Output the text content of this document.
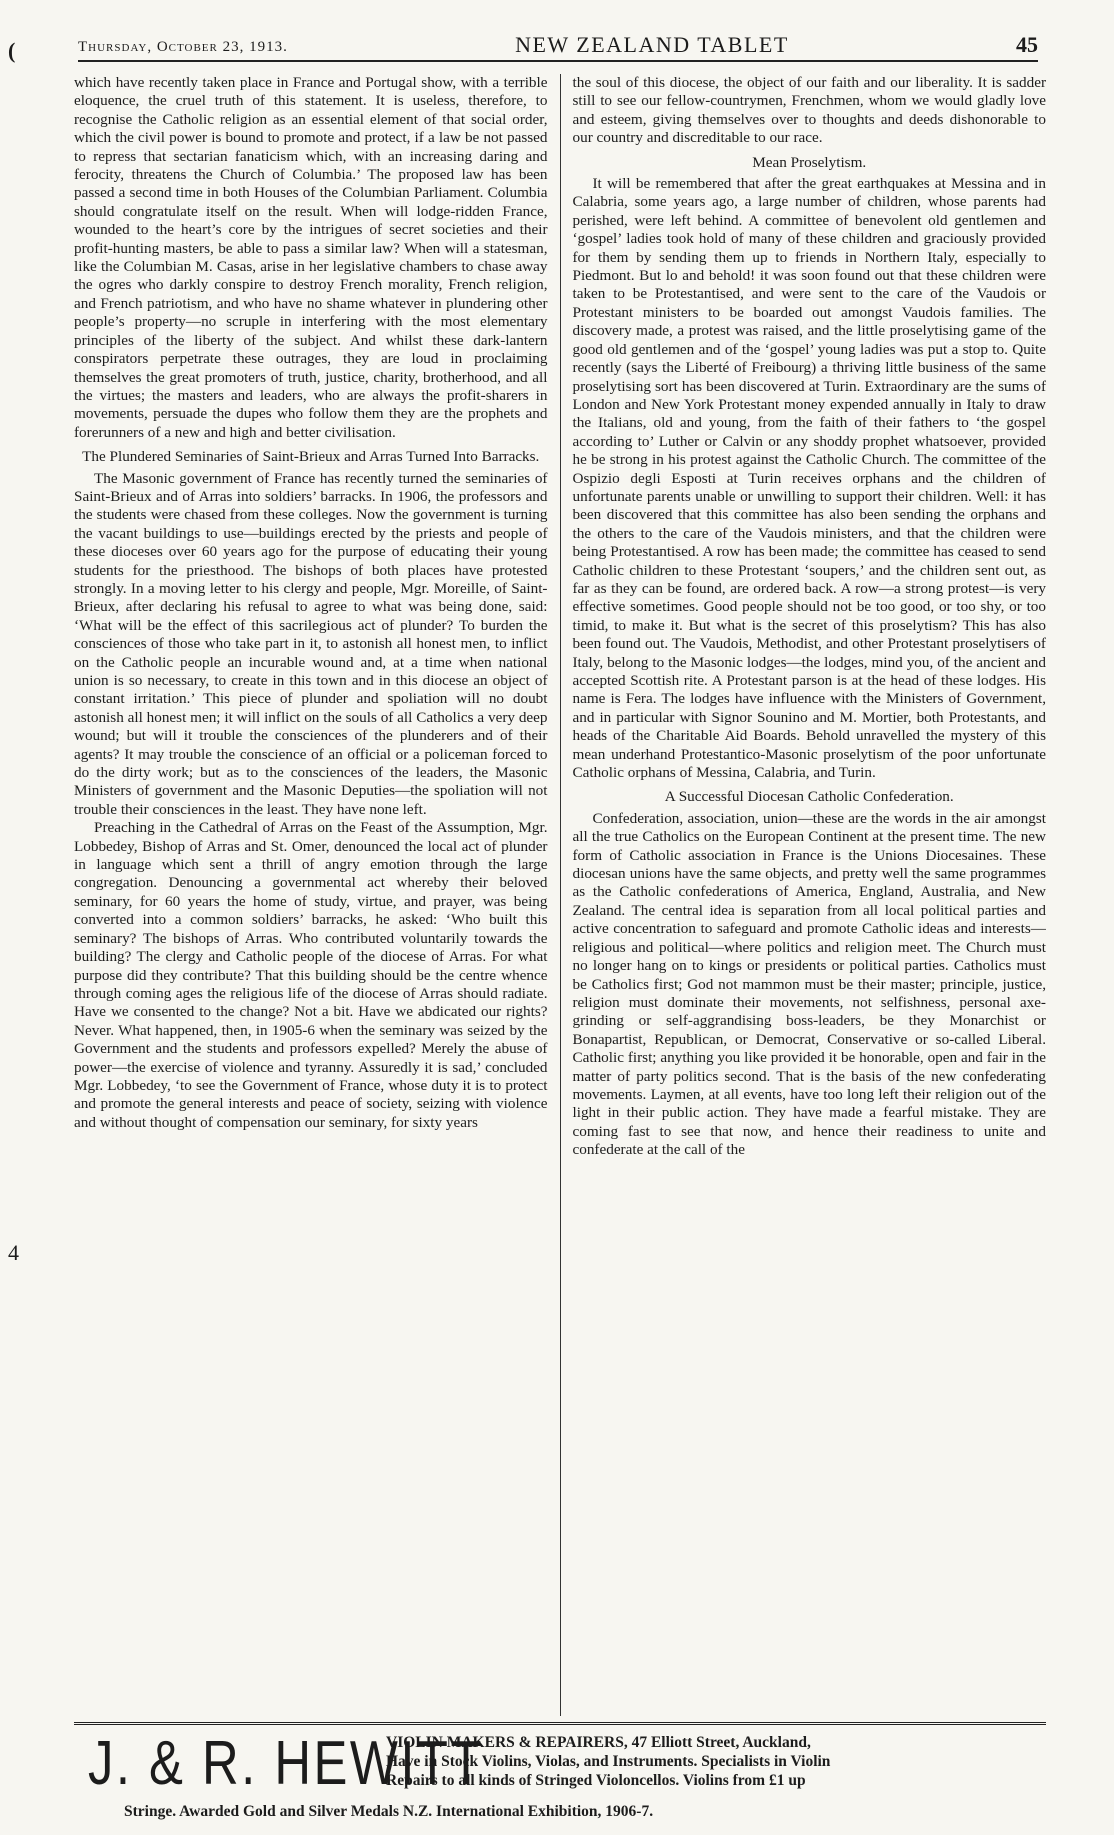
Thursday, October 23, 1913.	NEW ZEALAND TABLET	45
(
4

which have recently taken place in France and Portugal show, with a terrible eloquence, the cruel truth of this statement. It is useless, therefore, to recognise the Catholic religion as an essential element of that social order, which the civil power is bound to promote and protect, if a law be not passed to repress that sectarian fanaticism which, with an increasing daring and ferocity, threatens the Church of Columbia.’ The proposed law has been passed a second time in both Houses of the Columbian Parliament. Columbia should congratulate itself on the result. When will lodge-ridden France, wounded to the heart’s core by the intrigues of secret societies and their profit-hunting masters, be able to pass a similar law? When will a statesman, like the Columbian M. Casas, arise in her legislative chambers to chase away the ogres who darkly conspire to destroy French morality, French religion, and French patriotism, and who have no shame whatever in plundering other people’s property—no scruple in interfering with the most elementary principles of the liberty of the subject. And whilst these dark-lantern conspirators perpetrate these outrages, they are loud in proclaiming themselves the great promoters of truth, justice, charity, brotherhood, and all the virtues; the masters and leaders, who are always the profit-sharers in movements, persuade the dupes who follow them they are the prophets and forerunners of a new and high and better civilisation.

The Plundered Seminaries of Saint-Brieux and Arras Turned Into Barracks.

The Masonic government of France has recently turned the seminaries of Saint-Brieux and of Arras into soldiers’ barracks. In 1906, the professors and the students were chased from these colleges. Now the government is turning the vacant buildings to use—buildings erected by the priests and people of these dioceses over 60 years ago for the purpose of educating their young students for the priesthood. The bishops of both places have protested strongly. In a moving letter to his clergy and people, Mgr. Moreille, of Saint-Brieux, after declaring his refusal to agree to what was being done, said: ‘What will be the effect of this sacrilegious act of plunder? To burden the consciences of those who take part in it, to astonish all honest men, to inflict on the Catholic people an incurable wound and, at a time when national union is so necessary, to create in this town and in this diocese an object of constant irritation.’ This piece of plunder and spoliation will no doubt astonish all honest men; it will inflict on the souls of all Catholics a very deep wound; but will it trouble the consciences of the plunderers and of their agents? It may trouble the conscience of an official or a policeman forced to do the dirty work; but as to the consciences of the leaders, the Masonic Ministers of government and the Masonic Deputies—the spoliation will not trouble their consciences in the least. They have none left.

Preaching in the Cathedral of Arras on the Feast of the Assumption, Mgr. Lobbedey, Bishop of Arras and St. Omer, denounced the local act of plunder in language which sent a thrill of angry emotion through the large congregation. Denouncing a governmental act whereby their beloved seminary, for 60 years the home of study, virtue, and prayer, was being converted into a common soldiers’ barracks, he asked: ‘Who built this seminary? The bishops of Arras. Who contributed voluntarily towards the building? The clergy and Catholic people of the diocese of Arras. For what purpose did they contribute? That this building should be the centre whence through coming ages the religious life of the diocese of Arras should radiate. Have we consented to the change? Not a bit. Have we abdicated our rights? Never. What happened, then, in 1905-6 when the seminary was seized by the Government and the students and professors expelled? Merely the abuse of power—the exercise of violence and tyranny. Assuredly it is sad,’ concluded Mgr. Lobbedey, ‘to see the Government of France, whose duty it is to protect and promote the general interests and peace of society, seizing with violence and without thought of compensation our seminary, for sixty years

the soul of this diocese, the object of our faith and our liberality. It is sadder still to see our fellow-countrymen, Frenchmen, whom we would gladly love and esteem, giving themselves over to thoughts and deeds dishonorable to our country and discreditable to our race.

Mean Proselytism.

It will be remembered that after the great earthquakes at Messina and in Calabria, some years ago, a large number of children, whose parents had perished, were left behind. A committee of benevolent old gentlemen and ‘gospel’ ladies took hold of many of these children and graciously provided for them by sending them up to friends in Northern Italy, especially to Piedmont. But lo and behold! it was soon found out that these children were taken to be Protestantised, and were sent to the care of the Vaudois or Protestant ministers to be boarded out amongst Vaudois families. The discovery made, a protest was raised, and the little proselytising game of the good old gentlemen and of the ‘gospel’ young ladies was put a stop to. Quite recently (says the Liberté of Freibourg) a thriving little business of the same proselytising sort has been discovered at Turin. Extraordinary are the sums of London and New York Protestant money expended annually in Italy to draw the Italians, old and young, from the faith of their fathers to ‘the gospel according to’ Luther or Calvin or any shoddy prophet whatsoever, provided he be strong in his protest against the Catholic Church. The committee of the Ospizio degli Esposti at Turin receives orphans and the children of unfortunate parents unable or unwilling to support their children. Well: it has been discovered that this committee has also been sending the orphans and the others to the care of the Vaudois ministers, and that the children were being Protestantised. A row has been made; the committee has ceased to send Catholic children to these Protestant ‘soupers,’ and the children sent out, as far as they can be found, are ordered back. A row—a strong protest—is very effective sometimes. Good people should not be too good, or too shy, or too timid, to make it. But what is the secret of this proselytism? This has also been found out. The Vaudois, Methodist, and other Protestant proselytisers of Italy, belong to the Masonic lodges—the lodges, mind you, of the ancient and accepted Scottish rite. A Protestant parson is at the head of these lodges. His name is Fera. The lodges have influence with the Ministers of Government, and in particular with Signor Sounino and M. Mortier, both Protestants, and heads of the Charitable Aid Boards. Behold unravelled the mystery of this mean underhand Protestantico-Masonic proselytism of the poor unfortunate Catholic orphans of Messina, Calabria, and Turin.

A Successful Diocesan Catholic Confederation.

Confederation, association, union—these are the words in the air amongst all the true Catholics on the European Continent at the present time. The new form of Catholic association in France is the Unions Diocesaines. These diocesan unions have the same objects, and pretty well the same programmes as the Catholic confederations of America, England, Australia, and New Zealand. The central idea is separation from all local political parties and active concentration to safeguard and promote Catholic ideas and interests—religious and political—where politics and religion meet. The Church must no longer hang on to kings or presidents or political parties. Catholics must be Catholics first; God not mammon must be their master; principle, justice, religion must dominate their movements, not selfishness, personal axe-grinding or self-aggrandising boss-leaders, be they Monarchist or Bonapartist, Republican, or Democrat, Conservative or so-called Liberal. Catholic first; anything you like provided it be honorable, open and fair in the matter of party politics second. That is the basis of the new confederating movements. Laymen, at all events, have too long left their religion out of the light in their public action. They have made a fearful mistake. They are coming fast to see that now, and hence their readiness to unite and confederate at the call of the

J. & R. HEWITT
VIOLIN MAKERS & REPAIRERS, 47 Elliott Street, Auckland,
Have in Stock Violins, Violas, and Instruments. Specialists in Violin
Repairs to all kinds of Stringed Violoncellos. Violins from £1 up
Stringe. Awarded Gold and Silver Medals N.Z. International Exhibition, 1906-7.
